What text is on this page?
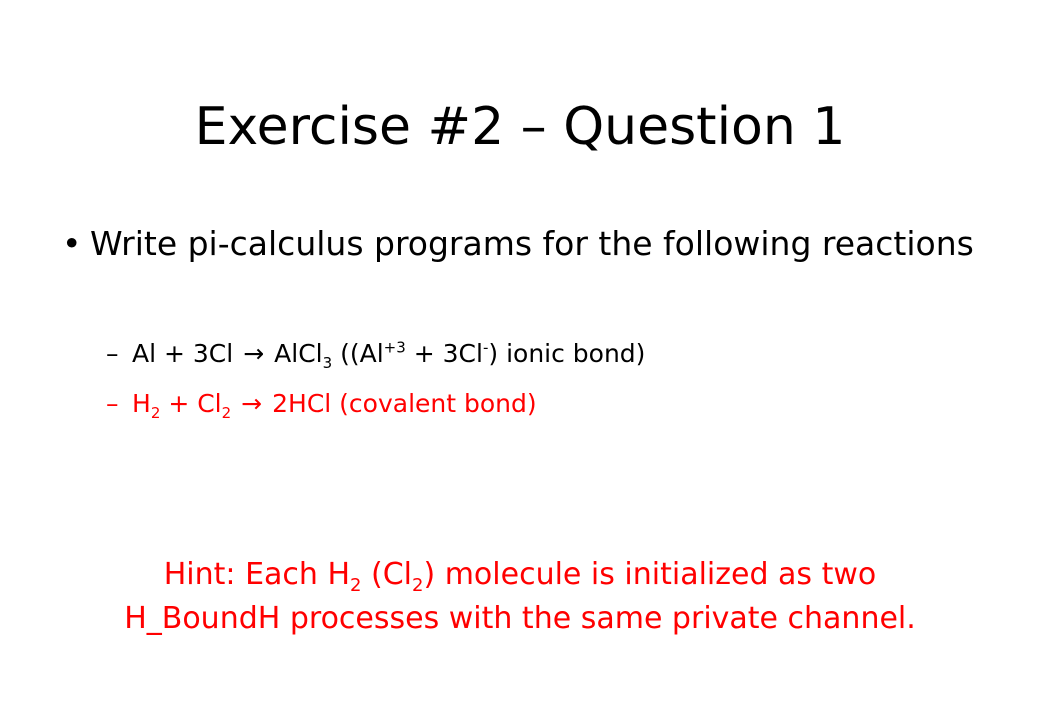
Exercise #2 – Question 1
• Write pi-calculus programs for the following reactions
– Al + 3Cl → AlCl$_3$ ($(Al^{+3} + 3Cl^-)$ ionic bond)
– $H_2 + Cl_2 \to 2HCl$ (covalent bond)
Hint: Each $H_2$ $(Cl_2)$ molecule is initialized as two
H_BoundH processes with the same private channel.
